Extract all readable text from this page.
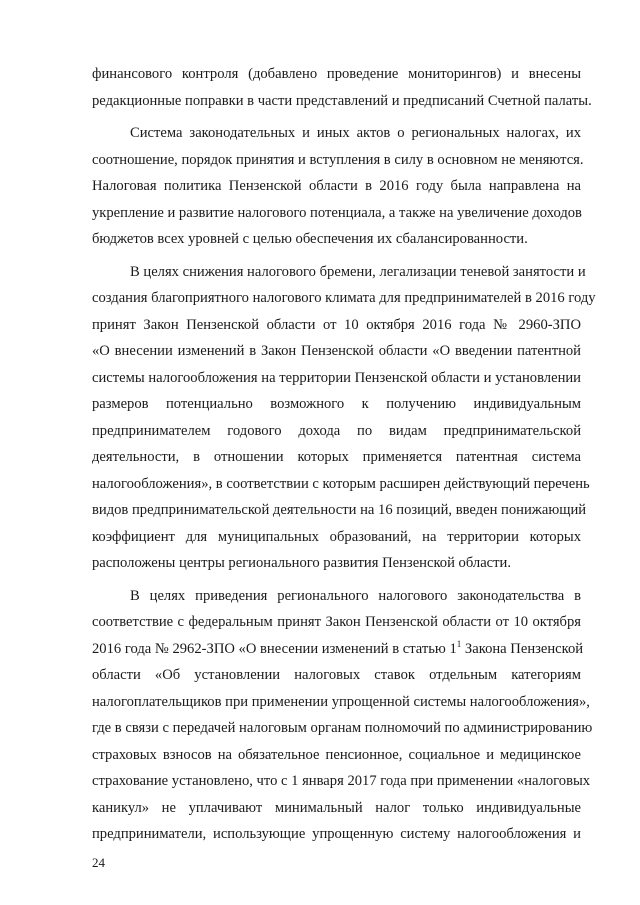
финансового контроля (добавлено проведение мониторингов) и внесены
редакционные поправки в части представлений и предписаний Счетной палаты.
Система законодательных и иных актов о региональных налогах, их
соотношение, порядок принятия и вступления в силу в основном не меняются.
Налоговая политика Пензенской области в 2016 году была направлена на
укрепление и развитие налогового потенциала, а также на увеличение доходов
бюджетов всех уровней с целью обеспечения их сбалансированности.
В целях снижения налогового бремени, легализации теневой занятости и
создания благоприятного налогового климата для предпринимателей в 2016 году
принят Закон Пензенской области от 10 октября 2016 года № 2960-ЗПО
«О внесении изменений в Закон Пензенской области «О введении патентной
системы налогообложения на территории Пензенской области и установлении
размеров потенциально возможного к получению индивидуальным
предпринимателем годового дохода по видам предпринимательской
деятельности, в отношении которых применяется патентная система
налогообложения», в соответствии с которым расширен действующий перечень
видов предпринимательской деятельности на 16 позиций, введен понижающий
коэффициент для муниципальных образований, на территории которых
расположены центры регионального развития Пензенской области.
В целях приведения регионального налогового законодательства в
соответствие с федеральным принят Закон Пензенской области от 10 октября
2016 года № 2962-ЗПО «О внесении изменений в статью $1^1$ Закона Пензенской
области «Об установлении налоговых ставок отдельным категориям
налогоплательщиков при применении упрощенной системы налогообложения»,
где в связи с передачей налоговым органам полномочий по администрированию
страховых взносов на обязательное пенсионное, социальное и медицинское
страхование установлено, что с 1 января 2017 года при применении «налоговых
каникул» не уплачивают минимальный налог только индивидуальные
предприниматели, использующие упрощенную систему налогообложения и
24
